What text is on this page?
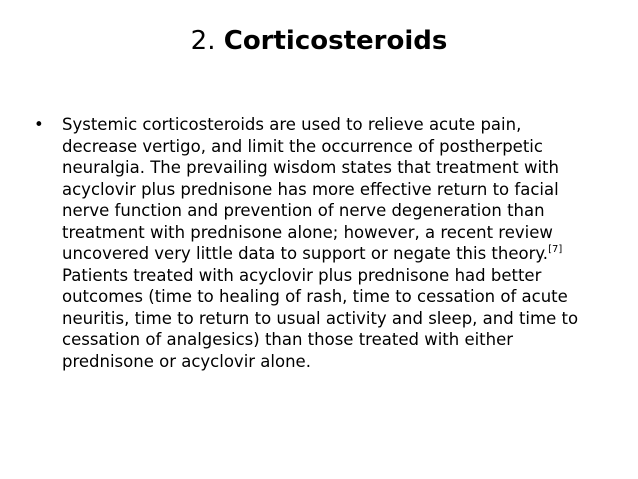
2. Corticosteroids
•	Systemic corticosteroids are used to relieve acute pain, decrease vertigo, and limit the occurrence of postherpetic neuralgia. The prevailing wisdom states that treatment with acyclovir plus prednisone has more effective return to facial nerve function and prevention of nerve degeneration than treatment with prednisone alone; however, a recent review uncovered very little data to support or negate this theory.[7] Patients treated with acyclovir plus prednisone had better outcomes (time to healing of rash, time to cessation of acute neuritis, time to return to usual activity and sleep, and time to cessation of analgesics) than those treated with either prednisone or acyclovir alone.
